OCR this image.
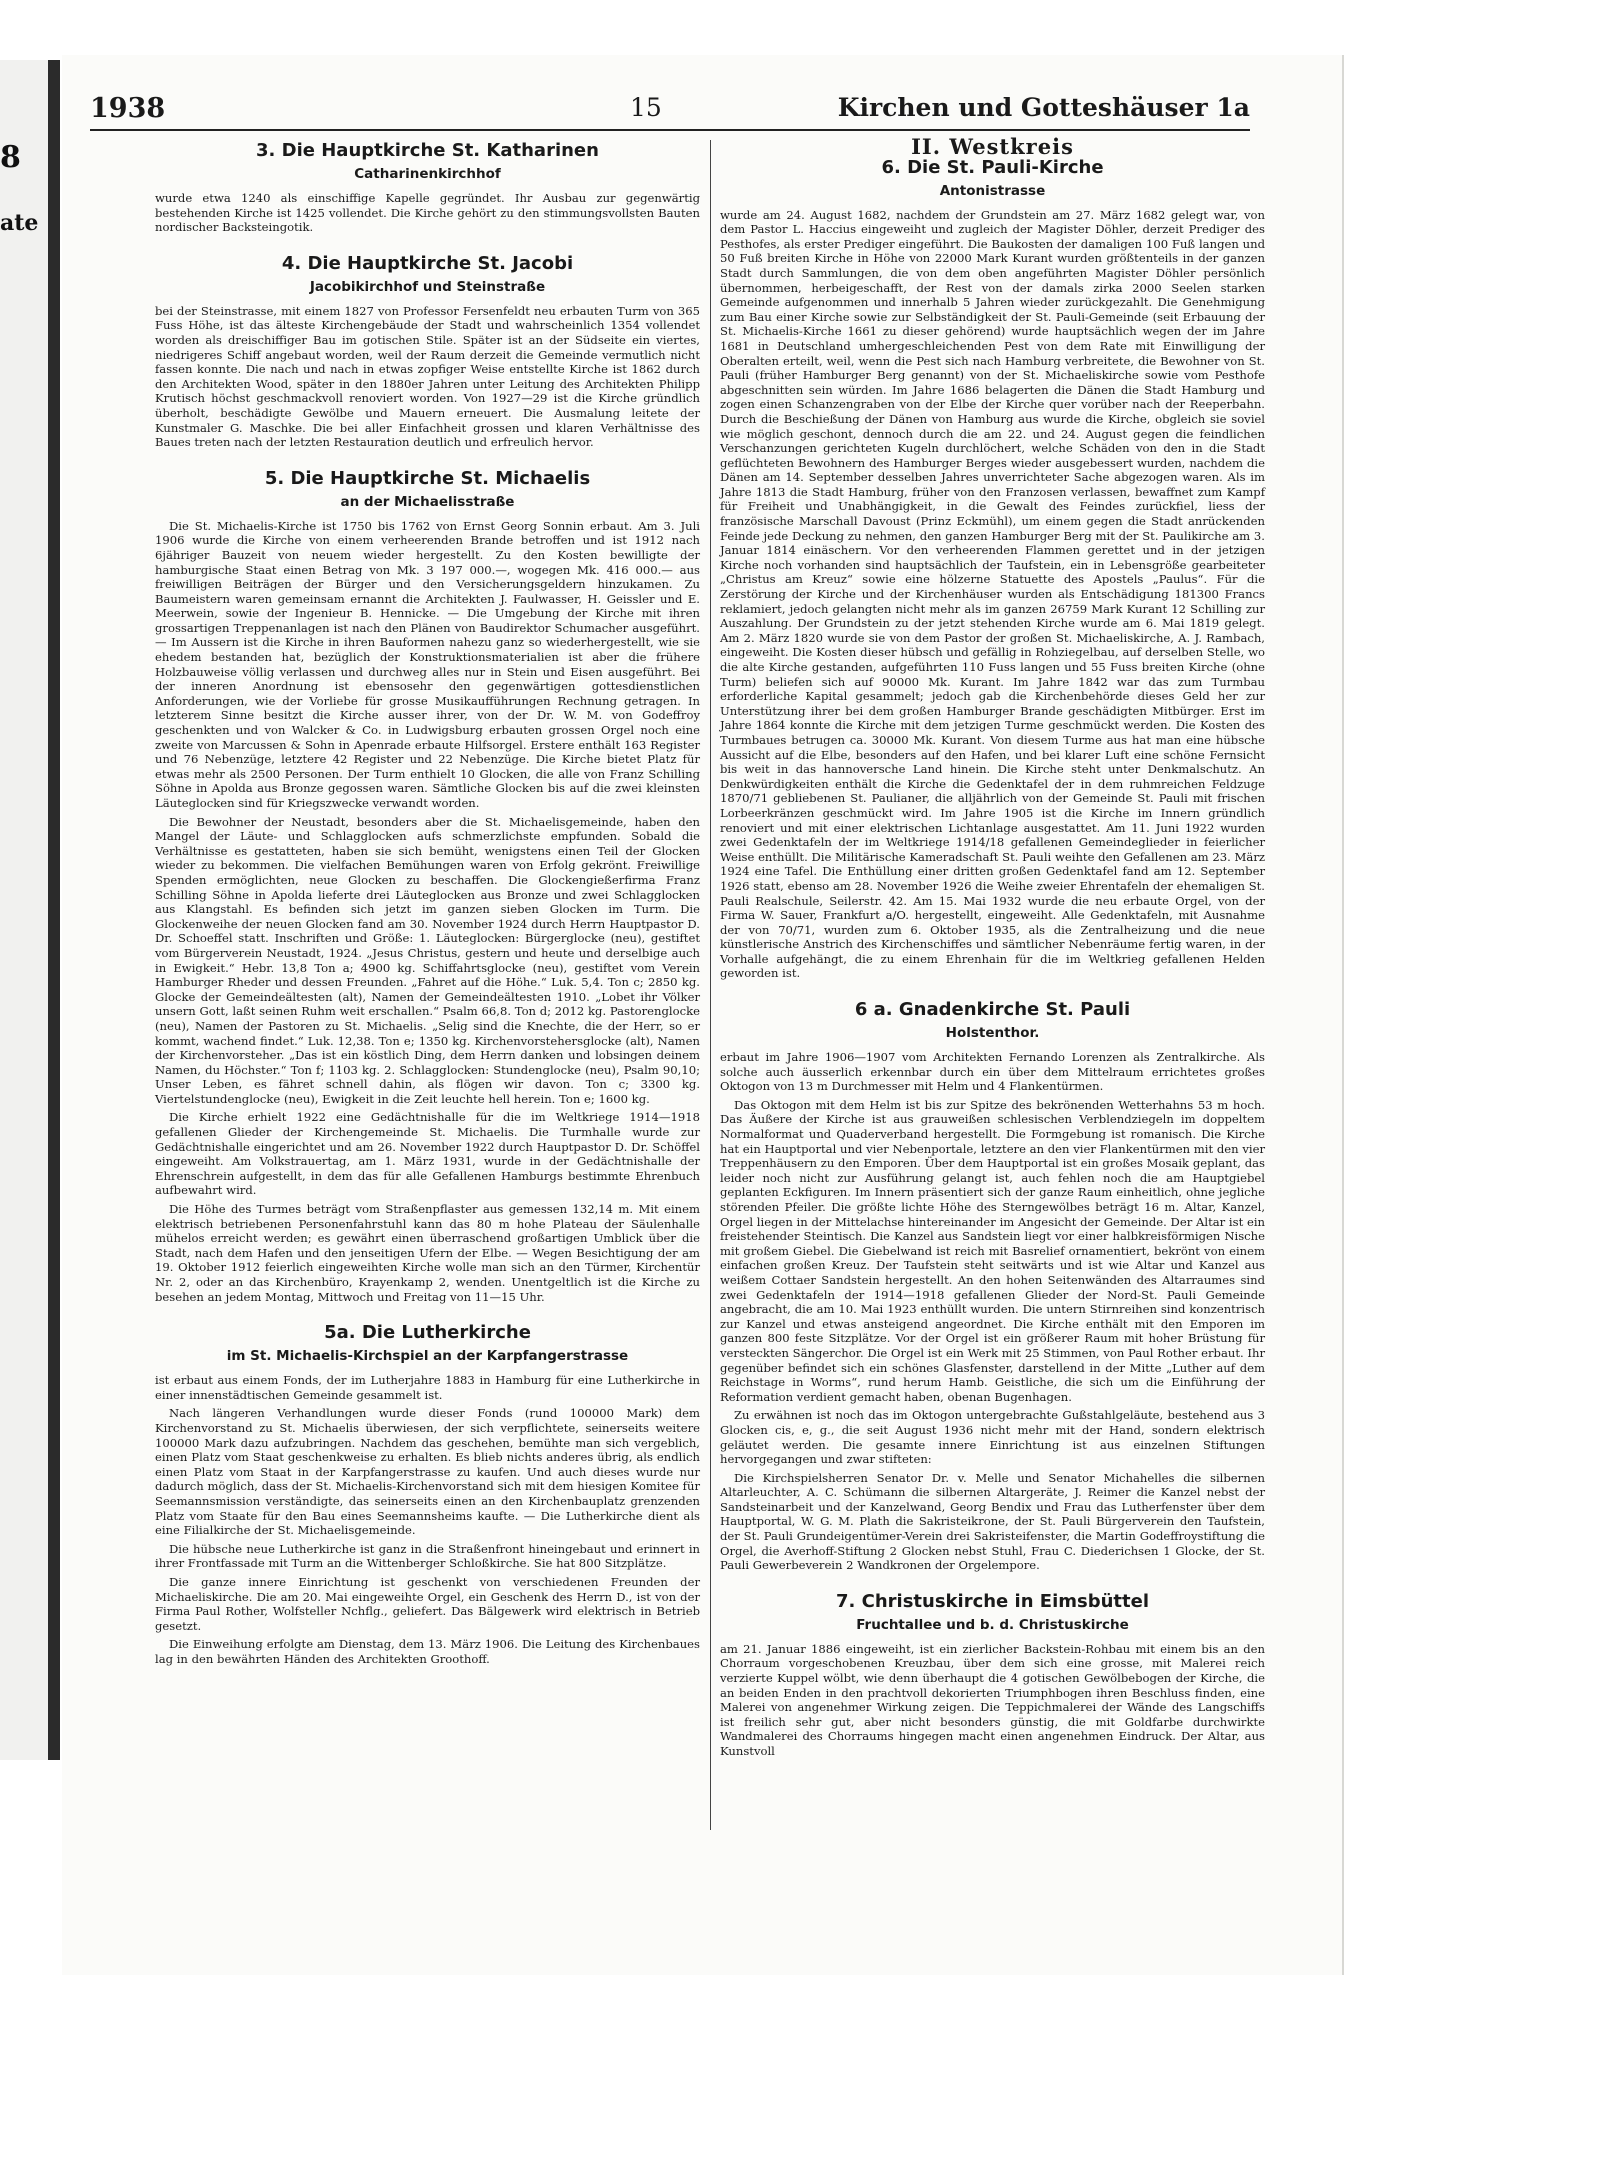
8
ate
1938	15	Kirchen und Gotteshäuser 1a
3. Die Hauptkirche St. Katharinen
Catharinenkirchhof

wurde etwa 1240 als einschiffige Kapelle gegründet. Ihr Ausbau zur gegenwärtig bestehenden Kirche ist 1425 vollendet. Die Kirche gehört zu den stimmungsvollsten Bauten nordischer Backsteingotik.

4. Die Hauptkirche St. Jacobi
Jacobikirchhof und Steinstraße

bei der Steinstrasse, mit einem 1827 von Professor Fersenfeldt neu erbauten Turm von 365 Fuss Höhe, ist das älteste Kirchengebäude der Stadt und wahrscheinlich 1354 vollendet worden als dreischiffiger Bau im gotischen Stile. Später ist an der Südseite ein viertes, niedrigeres Schiff angebaut worden, weil der Raum derzeit die Gemeinde vermutlich nicht fassen konnte. Die nach und nach in etwas zopfiger Weise entstellte Kirche ist 1862 durch den Architekten Wood, später in den 1880er Jahren unter Leitung des Architekten Philipp Krutisch höchst geschmackvoll renoviert worden. Von 1927—29 ist die Kirche gründlich überholt, beschädigte Gewölbe und Mauern erneuert. Die Ausmalung leitete der Kunstmaler G. Maschke. Die bei aller Einfachheit grossen und klaren Verhältnisse des Baues treten nach der letzten Restauration deutlich und erfreulich hervor.

5. Die Hauptkirche St. Michaelis
an der Michaelisstraße

Die St. Michaelis-Kirche ist 1750 bis 1762 von Ernst Georg Sonnin erbaut. Am 3. Juli 1906 wurde die Kirche von einem verheerenden Brande betroffen und ist 1912 nach 6jähriger Bauzeit von neuem wieder hergestellt. Zu den Kosten bewilligte der hamburgische Staat einen Betrag von Mk. 3 197 000.—, wogegen Mk. 416 000.— aus freiwilligen Beiträgen der Bürger und den Versicherungsgeldern hinzukamen. Zu Baumeistern waren gemeinsam ernannt die Architekten J. Faulwasser, H. Geissler und E. Meerwein, sowie der Ingenieur B. Hennicke. — Die Umgebung der Kirche mit ihren grossartigen Treppenanlagen ist nach den Plänen von Baudirektor Schumacher ausgeführt. — Im Aussern ist die Kirche in ihren Bauformen nahezu ganz so wiederhergestellt, wie sie ehedem bestanden hat, bezüglich der Konstruktionsmaterialien ist aber die frühere Holzbauweise völlig verlassen und durchweg alles nur in Stein und Eisen ausgeführt. Bei der inneren Anordnung ist ebensosehr den gegenwärtigen gottesdienstlichen Anforderungen, wie der Vorliebe für grosse Musikaufführungen Rechnung getragen. In letzterem Sinne besitzt die Kirche ausser ihrer, von der Dr. W. M. von Godeffroy geschenkten und von Walcker & Co. in Ludwigsburg erbauten grossen Orgel noch eine zweite von Marcussen & Sohn in Apenrade erbaute Hilfsorgel. Erstere enthält 163 Register und 76 Nebenzüge, letztere 42 Register und 22 Nebenzüge. Die Kirche bietet Platz für etwas mehr als 2500 Personen. Der Turm enthielt 10 Glocken, die alle von Franz Schilling Söhne in Apolda aus Bronze gegossen waren. Sämtliche Glocken bis auf die zwei kleinsten Läuteglocken sind für Kriegszwecke verwandt worden.

Die Bewohner der Neustadt, besonders aber die St. Michaelisgemeinde, haben den Mangel der Läute- und Schlagglocken aufs schmerzlichste empfunden. Sobald die Verhältnisse es gestatteten, haben sie sich bemüht, wenigstens einen Teil der Glocken wieder zu bekommen. Die vielfachen Bemühungen waren von Erfolg gekrönt. Freiwillige Spenden ermöglichten, neue Glocken zu beschaffen. Die Glockengießerfirma Franz Schilling Söhne in Apolda lieferte drei Läuteglocken aus Bronze und zwei Schlagglocken aus Klangstahl. Es befinden sich jetzt im ganzen sieben Glocken im Turm. Die Glockenweihe der neuen Glocken fand am 30. November 1924 durch Herrn Hauptpastor D. Dr. Schoeffel statt. Inschriften und Größe: 1. Läuteglocken: Bürgerglocke (neu), gestiftet vom Bürgerverein Neustadt, 1924. „Jesus Christus, gestern und heute und derselbige auch in Ewigkeit.“ Hebr. 13,8 Ton a; 4900 kg. Schiffahrtsglocke (neu), gestiftet vom Verein Hamburger Rheder und dessen Freunden. „Fahret auf die Höhe.“ Luk. 5,4. Ton c; 2850 kg. Glocke der Gemeindeältesten (alt), Namen der Gemeindeältesten 1910. „Lobet ihr Völker unsern Gott, laßt seinen Ruhm weit erschallen.“ Psalm 66,8. Ton d; 2012 kg. Pastorenglocke (neu), Namen der Pastoren zu St. Michaelis. „Selig sind die Knechte, die der Herr, so er kommt, wachend findet.“ Luk. 12,38. Ton e; 1350 kg. Kirchenvorstehersglocke (alt), Namen der Kirchenvorsteher. „Das ist ein köstlich Ding, dem Herrn danken und lobsingen deinem Namen, du Höchster.“ Ton f; 1103 kg. 2. Schlagglocken: Stundenglocke (neu), Psalm 90,10; Unser Leben, es fähret schnell dahin, als flögen wir davon. Ton c; 3300 kg. Viertelstundenglocke (neu), Ewigkeit in die Zeit leuchte hell herein. Ton e; 1600 kg.

Die Kirche erhielt 1922 eine Gedächtnishalle für die im Weltkriege 1914—1918 gefallenen Glieder der Kirchengemeinde St. Michaelis. Die Turmhalle wurde zur Gedächtnishalle eingerichtet und am 26. November 1922 durch Hauptpastor D. Dr. Schöffel eingeweiht. Am Volkstrauertag, am 1. März 1931, wurde in der Gedächtnishalle der Ehrenschrein aufgestellt, in dem das für alle Gefallenen Hamburgs bestimmte Ehrenbuch aufbewahrt wird.

Die Höhe des Turmes beträgt vom Straßenpflaster aus gemessen 132,14 m. Mit einem elektrisch betriebenen Personenfahrstuhl kann das 80 m hohe Plateau der Säulenhalle mühelos erreicht werden; es gewährt einen überraschend großartigen Umblick über die Stadt, nach dem Hafen und den jenseitigen Ufern der Elbe. — Wegen Besichtigung der am 19. Oktober 1912 feierlich eingeweihten Kirche wolle man sich an den Türmer, Kirchentür Nr. 2, oder an das Kirchenbüro, Krayenkamp 2, wenden. Unentgeltlich ist die Kirche zu besehen an jedem Montag, Mittwoch und Freitag von 11—15 Uhr.

5a. Die Lutherkirche
im St. Michaelis-Kirchspiel an der Karpfangerstrasse

ist erbaut aus einem Fonds, der im Lutherjahre 1883 in Hamburg für eine Lutherkirche in einer innenstädtischen Gemeinde gesammelt ist.

Nach längeren Verhandlungen wurde dieser Fonds (rund 100000 Mark) dem Kirchenvorstand zu St. Michaelis überwiesen, der sich verpflichtete, seinerseits weitere 100000 Mark dazu aufzubringen. Nachdem das geschehen, bemühte man sich vergeblich, einen Platz vom Staat geschenkweise zu erhalten. Es blieb nichts anderes übrig, als endlich einen Platz vom Staat in der Karpfangerstrasse zu kaufen. Und auch dieses wurde nur dadurch möglich, dass der St. Michaelis-Kirchenvorstand sich mit dem hiesigen Komitee für Seemannsmission verständigte, das seinerseits einen an den Kirchenbauplatz grenzenden Platz vom Staate für den Bau eines Seemannsheims kaufte. — Die Lutherkirche dient als eine Filialkirche der St. Michaelisgemeinde.

Die hübsche neue Lutherkirche ist ganz in die Straßenfront hineingebaut und erinnert in ihrer Frontfassade mit Turm an die Wittenberger Schloßkirche. Sie hat 800 Sitzplätze.

Die ganze innere Einrichtung ist geschenkt von verschiedenen Freunden der Michaeliskirche. Die am 20. Mai eingeweihte Orgel, ein Geschenk des Herrn D., ist von der Firma Paul Rother, Wolfsteller Nchflg., geliefert. Das Bälgewerk wird elektrisch in Betrieb gesetzt.

Die Einweihung erfolgte am Dienstag, dem 13. März 1906. Die Leitung des Kirchenbaues lag in den bewährten Händen des Architekten Groothoff.

II. Westkreis
6. Die St. Pauli-Kirche
Antonistrasse

wurde am 24. August 1682, nachdem der Grundstein am 27. März 1682 gelegt war, von dem Pastor L. Haccius eingeweiht und zugleich der Magister Döhler, derzeit Prediger des Pesthofes, als erster Prediger eingeführt. Die Baukosten der damaligen 100 Fuß langen und 50 Fuß breiten Kirche in Höhe von 22000 Mark Kurant wurden größtenteils in der ganzen Stadt durch Sammlungen, die von dem oben angeführten Magister Döhler persönlich übernommen, herbeigeschafft, der Rest von der damals zirka 2000 Seelen starken Gemeinde aufgenommen und innerhalb 5 Jahren wieder zurückgezahlt. Die Genehmigung zum Bau einer Kirche sowie zur Selbständigkeit der St. Pauli-Gemeinde (seit Erbauung der St. Michaelis-Kirche 1661 zu dieser gehörend) wurde hauptsächlich wegen der im Jahre 1681 in Deutschland umhergeschleichenden Pest von dem Rate mit Einwilligung der Oberalten erteilt, weil, wenn die Pest sich nach Hamburg verbreitete, die Bewohner von St. Pauli (früher Hamburger Berg genannt) von der St. Michaeliskirche sowie vom Pesthofe abgeschnitten sein würden. Im Jahre 1686 belagerten die Dänen die Stadt Hamburg und zogen einen Schanzengraben von der Elbe der Kirche quer vorüber nach der Reeperbahn. Durch die Beschießung der Dänen von Hamburg aus wurde die Kirche, obgleich sie soviel wie möglich geschont, dennoch durch die am 22. und 24. August gegen die feindlichen Verschanzungen gerichteten Kugeln durchlöchert, welche Schäden von den in die Stadt geflüchteten Bewohnern des Hamburger Berges wieder ausgebessert wurden, nachdem die Dänen am 14. September desselben Jahres unverrichteter Sache abgezogen waren. Als im Jahre 1813 die Stadt Hamburg, früher von den Franzosen verlassen, bewaffnet zum Kampf für Freiheit und Unabhängigkeit, in die Gewalt des Feindes zurückfiel, liess der französische Marschall Davoust (Prinz Eckmühl), um einem gegen die Stadt anrückenden Feinde jede Deckung zu nehmen, den ganzen Hamburger Berg mit der St. Paulikirche am 3. Januar 1814 einäschern. Vor den verheerenden Flammen gerettet und in der jetzigen Kirche noch vorhanden sind hauptsächlich der Taufstein, ein in Lebensgröße gearbeiteter „Christus am Kreuz“ sowie eine hölzerne Statuette des Apostels „Paulus“. Für die Zerstörung der Kirche und der Kirchenhäuser wurden als Entschädigung 181300 Francs reklamiert, jedoch gelangten nicht mehr als im ganzen 26759 Mark Kurant 12 Schilling zur Auszahlung. Der Grundstein zu der jetzt stehenden Kirche wurde am 6. Mai 1819 gelegt. Am 2. März 1820 wurde sie von dem Pastor der großen St. Michaeliskirche, A. J. Rambach, eingeweiht. Die Kosten dieser hübsch und gefällig in Rohziegelbau, auf derselben Stelle, wo die alte Kirche gestanden, aufgeführten 110 Fuss langen und 55 Fuss breiten Kirche (ohne Turm) beliefen sich auf 90000 Mk. Kurant. Im Jahre 1842 war das zum Turmbau erforderliche Kapital gesammelt; jedoch gab die Kirchenbehörde dieses Geld her zur Unterstützung ihrer bei dem großen Hamburger Brande geschädigten Mitbürger. Erst im Jahre 1864 konnte die Kirche mit dem jetzigen Turme geschmückt werden. Die Kosten des Turmbaues betrugen ca. 30000 Mk. Kurant. Von diesem Turme aus hat man eine hübsche Aussicht auf die Elbe, besonders auf den Hafen, und bei klarer Luft eine schöne Fernsicht bis weit in das hannoversche Land hinein. Die Kirche steht unter Denkmalschutz. An Denkwürdigkeiten enthält die Kirche die Gedenktafel der in dem ruhmreichen Feldzuge 1870/71 gebliebenen St. Paulianer, die alljährlich von der Gemeinde St. Pauli mit frischen Lorbeerkränzen geschmückt wird. Im Jahre 1905 ist die Kirche im Innern gründlich renoviert und mit einer elektrischen Lichtanlage ausgestattet. Am 11. Juni 1922 wurden zwei Gedenktafeln der im Weltkriege 1914/18 gefallenen Gemeindeglieder in feierlicher Weise enthüllt. Die Militärische Kameradschaft St. Pauli weihte den Gefallenen am 23. März 1924 eine Tafel. Die Enthüllung einer dritten großen Gedenktafel fand am 12. September 1926 statt, ebenso am 28. November 1926 die Weihe zweier Ehrentafeln der ehemaligen St. Pauli Realschule, Seilerstr. 42. Am 15. Mai 1932 wurde die neu erbaute Orgel, von der Firma W. Sauer, Frankfurt a/O. hergestellt, eingeweiht. Alle Gedenktafeln, mit Ausnahme der von 70/71, wurden zum 6. Oktober 1935, als die Zentralheizung und die neue künstlerische Anstrich des Kirchenschiffes und sämtlicher Nebenräume fertig waren, in der Vorhalle aufgehängt, die zu einem Ehrenhain für die im Weltkrieg gefallenen Helden geworden ist.

6 a. Gnadenkirche St. Pauli
Holstenthor.

erbaut im Jahre 1906—1907 vom Architekten Fernando Lorenzen als Zentralkirche. Als solche auch äusserlich erkennbar durch ein über dem Mittelraum errichtetes großes Oktogon von 13 m Durchmesser mit Helm und 4 Flankentürmen.

Das Oktogon mit dem Helm ist bis zur Spitze des bekrönenden Wetterhahns 53 m hoch. Das Äußere der Kirche ist aus grauweißen schlesischen Verblendziegeln im doppeltem Normalformat und Quaderverband hergestellt. Die Formgebung ist romanisch. Die Kirche hat ein Hauptportal und vier Nebenportale, letztere an den vier Flankentürmen mit den vier Treppenhäusern zu den Emporen. Über dem Hauptportal ist ein großes Mosaik geplant, das leider noch nicht zur Ausführung gelangt ist, auch fehlen noch die am Hauptgiebel geplanten Eckfiguren. Im Innern präsentiert sich der ganze Raum einheitlich, ohne jegliche störenden Pfeiler. Die größte lichte Höhe des Sterngewölbes beträgt 16 m. Altar, Kanzel, Orgel liegen in der Mittelachse hintereinander im Angesicht der Gemeinde. Der Altar ist ein freistehender Steintisch. Die Kanzel aus Sandstein liegt vor einer halbkreisförmigen Nische mit großem Giebel. Die Giebelwand ist reich mit Basrelief ornamentiert, bekrönt von einem einfachen großen Kreuz. Der Taufstein steht seitwärts und ist wie Altar und Kanzel aus weißem Cottaer Sandstein hergestellt. An den hohen Seitenwänden des Altarraumes sind zwei Gedenktafeln der 1914—1918 gefallenen Glieder der Nord-St. Pauli Gemeinde angebracht, die am 10. Mai 1923 enthüllt wurden. Die untern Stirnreihen sind konzentrisch zur Kanzel und etwas ansteigend angeordnet. Die Kirche enthält mit den Emporen im ganzen 800 feste Sitzplätze. Vor der Orgel ist ein größerer Raum mit hoher Brüstung für versteckten Sängerchor. Die Orgel ist ein Werk mit 25 Stimmen, von Paul Rother erbaut. Ihr gegenüber befindet sich ein schönes Glasfenster, darstellend in der Mitte „Luther auf dem Reichstage in Worms“, rund herum Hamb. Geistliche, die sich um die Einführung der Reformation verdient gemacht haben, obenan Bugenhagen.

Zu erwähnen ist noch das im Oktogon untergebrachte Gußstahlgeläute, bestehend aus 3 Glocken cis, e, g., die seit August 1936 nicht mehr mit der Hand, sondern elektrisch geläutet werden. Die gesamte innere Einrichtung ist aus einzelnen Stiftungen hervorgegangen und zwar stifteten:

Die Kirchspielsherren Senator Dr. v. Melle und Senator Michahelles die silbernen Altarleuchter, A. C. Schümann die silbernen Altargeräte, J. Reimer die Kanzel nebst der Sandsteinarbeit und der Kanzelwand, Georg Bendix und Frau das Lutherfenster über dem Hauptportal, W. G. M. Plath die Sakristeikrone, der St. Pauli Bürgerverein den Taufstein, der St. Pauli Grundeigentümer-Verein drei Sakristeifenster, die Martin Godeffroystiftung die Orgel, die Averhoff-Stiftung 2 Glocken nebst Stuhl, Frau C. Diederichsen 1 Glocke, der St. Pauli Gewerbeverein 2 Wandkronen der Orgelempore.

7. Christuskirche in Eimsbüttel
Fruchtallee und b. d. Christuskirche

am 21. Januar 1886 eingeweiht, ist ein zierlicher Backstein-Rohbau mit einem bis an den Chorraum vorgeschobenen Kreuzbau, über dem sich eine grosse, mit Malerei reich verzierte Kuppel wölbt, wie denn überhaupt die 4 gotischen Gewölbebogen der Kirche, die an beiden Enden in den prachtvoll dekorierten Triumphbogen ihren Beschluss finden, eine Malerei von angenehmer Wirkung zeigen. Die Teppichmalerei der Wände des Langschiffs ist freilich sehr gut, aber nicht besonders günstig, die mit Goldfarbe durchwirkte Wandmalerei des Chorraums hingegen macht einen angenehmen Eindruck. Der Altar, aus Kunstvoll
